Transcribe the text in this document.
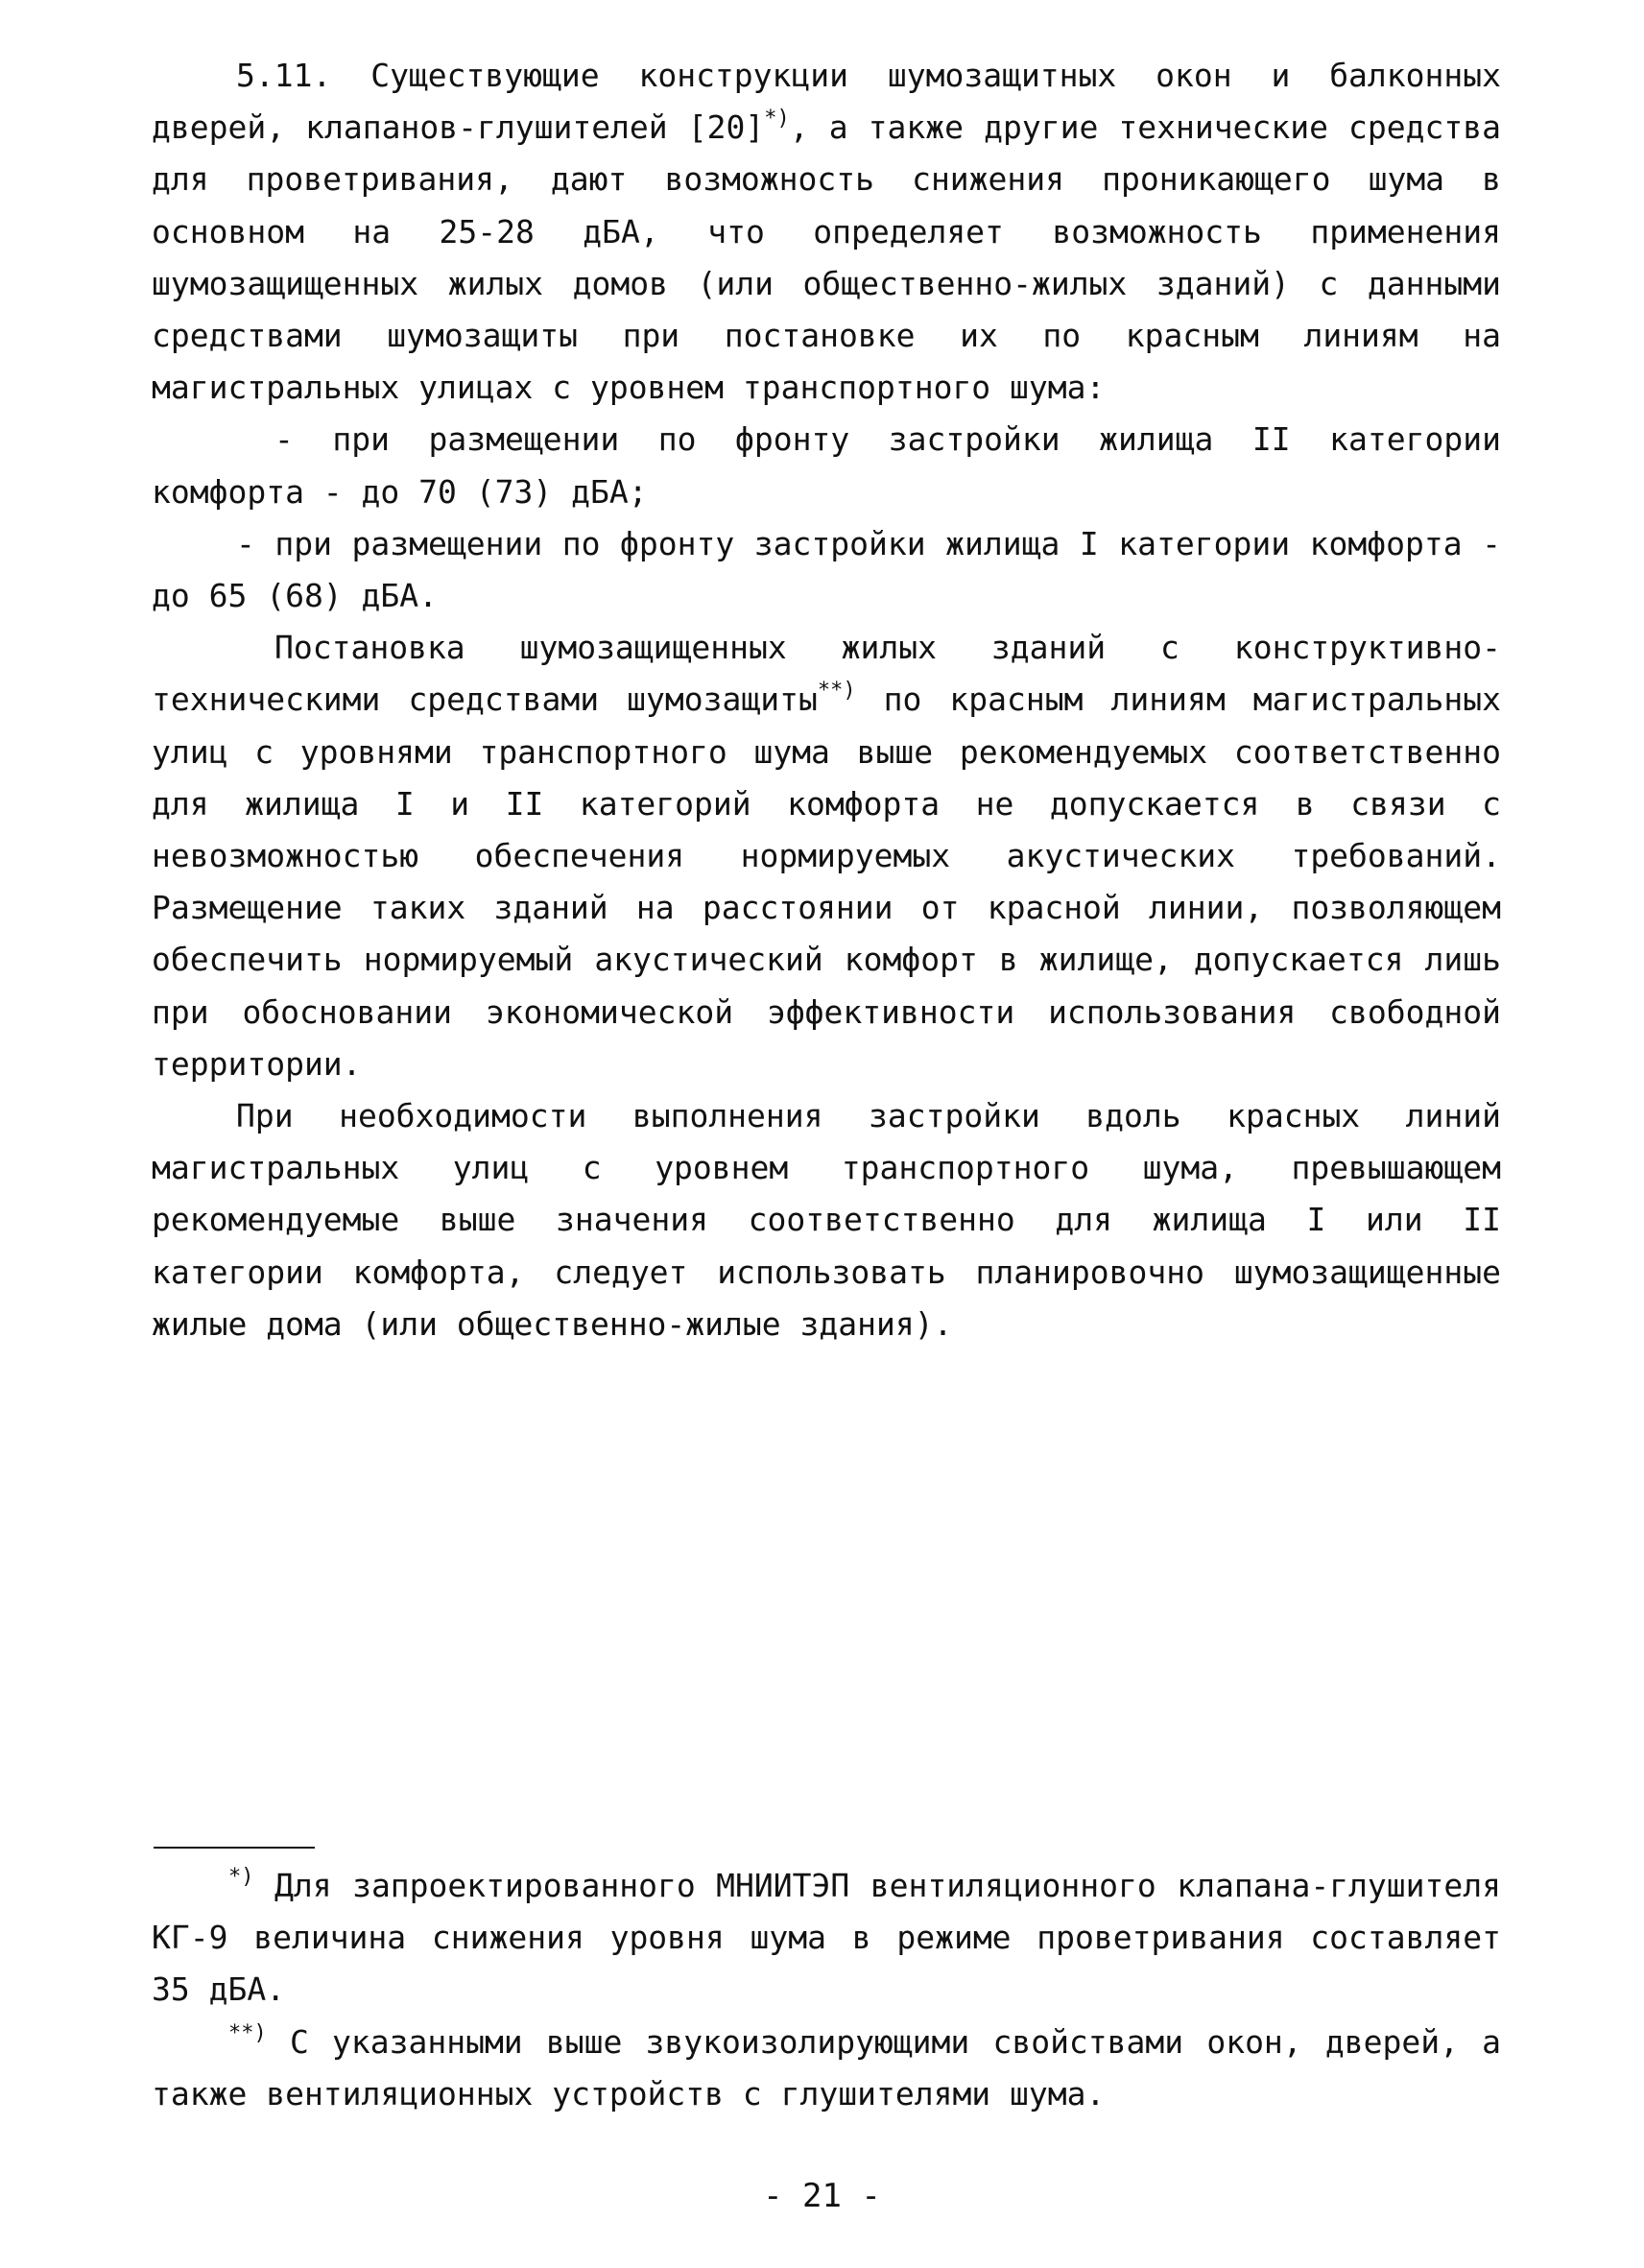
5.11. Существующие конструкции шумозащитных окон и балконных дверей, клапанов-глушителей [20]*), а также другие технические средства для проветривания, дают возможность снижения проникающего шума в основном на 25-28 дБА, что определяет возможность применения шумозащищенных жилых домов (или общественно-жилых зданий) с данными средствами шумозащиты при постановке их по красным линиям на магистральных улицах с уровнем транспортного шума:

- при размещении по фронту застройки жилища II категории комфорта - до 70 (73) дБА;

- при размещении по фронту застройки жилища I категории комфорта - до 65 (68) дБА.

Постановка шумозащищенных жилых зданий с конструктивно-техническими средствами шумозащиты**) по красным линиям магистральных улиц с уровнями транспортного шума выше рекомендуемых соответственно для жилища I и II категорий комфорта не допускается в связи с невозможностью обеспечения нормируемых акустических требований. Размещение таких зданий на расстоянии от красной линии, позволяющем обеспечить нормируемый акустический комфорт в жилище, допускается лишь при обосновании экономической эффективности использования свободной территории.

При необходимости выполнения застройки вдоль красных линий магистральных улиц с уровнем транспортного шума, превышающем рекомендуемые выше значения соответственно для жилища I или II категории комфорта, следует использовать планировочно шумозащищенные жилые дома (или общественно-жилые здания).

*) Для запроектированного МНИИТЭП вентиляционного клапана-глушителя КГ-9 величина снижения уровня шума в режиме проветривания составляет 35 дБА.

**) С указанными выше звукоизолирующими свойствами окон, дверей, а также вентиляционных устройств с глушителями шума.

- 21 -
